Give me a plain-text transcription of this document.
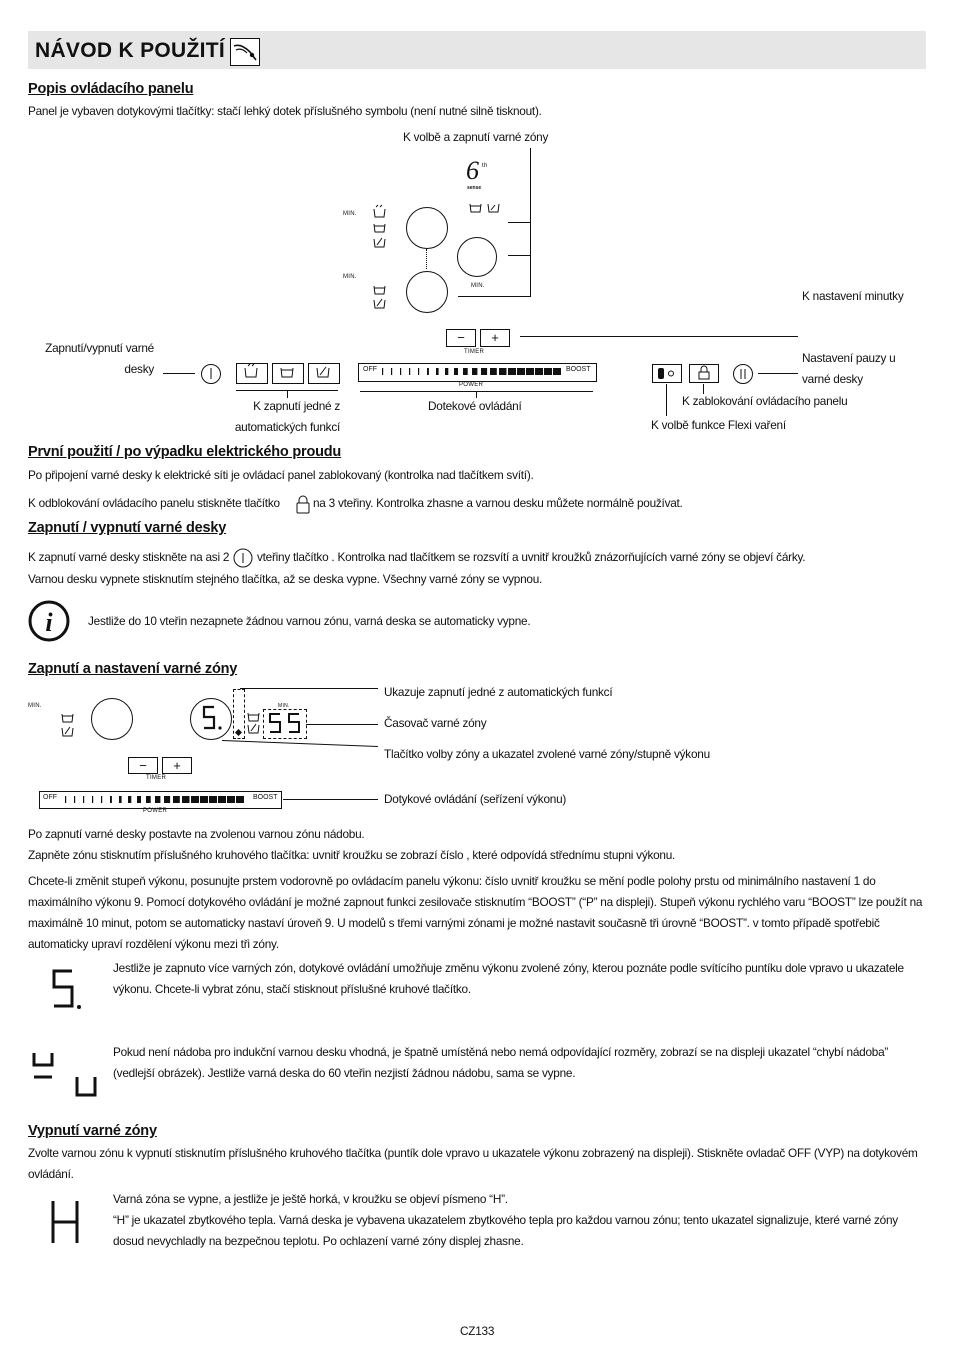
NÁVOD K POUŽITÍ
Popis ovládacího panelu
Panel je vybaven dotykovými tlačítky: stačí lehký dotek příslušného symbolu (není nutné silně tisknout).
K volbě a zapnutí varné zóny
6 th
sense
MIN.
MIN.
MIN.
K nastavení minutky
−	+
TIMER
Zapnutí/vypnutí varné desky
K zapnutí jedné z automatických funkcí
OFF	BOOST
POWER
Dotekové ovládání
Nastavení pauzy u varné desky
K zablokování ovládacího panelu
K volbě funkce Flexi vaření
První použití / po výpadku elektrického proudu
Po připojení varné desky k elektrické síti je ovládací panel zablokovaný (kontrolka nad tlačítkem svítí).
K odblokování ovládacího panelu stiskněte tlačítko	na 3 vteřiny. Kontrolka zhasne a varnou desku můžete normálně používat.
Zapnutí / vypnutí varné desky
K zapnutí varné desky stiskněte na asi 2 vteřiny tlačítko . Kontrolka nad tlačítkem se rozsvítí a uvnitř kroužků znázorňujících varné zóny se objeví čárky.
Varnou desku vypnete stisknutím stejného tlačítka, až se deska vypne. Všechny varné zóny se vypnou.
i	Jestliže do 10 vteřin nezapnete žádnou varnou zónu, varná deska se automaticky vypne.
Zapnutí a nastavení varné zóny
MIN.	MIN.
Ukazuje zapnutí jedné z automatických funkcí
Časovač varné zóny
Tlačítko volby zóny a ukazatel zvolené varné zóny/stupně výkonu
−	+
TIMER
OFF	BOOST
POWER
Dotykové ovládání (seřízení výkonu)
Po zapnutí varné desky postavte na zvolenou varnou zónu nádobu.
Zapněte zónu stisknutím příslušného kruhového tlačítka: uvnitř kroužku se zobrazí číslo , které odpovídá střednímu stupni výkonu.
Chcete-li změnit stupeň výkonu, posunujte prstem vodorovně po ovládacím panelu výkonu: číslo uvnitř kroužku se mění podle polohy prstu od minimálního nastavení 1 do maximálního výkonu 9. Pomocí dotykového ovládání je možné zapnout funkci zesilovače stisknutím “BOOST” (“P” na displeji). Stupeň výkonu rychlého varu “BOOST” lze použít na maximálně 10 minut, potom se automaticky nastaví úroveň 9. U modelů s třemi varnými zónami je možné nastavit současně tři úrovně “BOOST”. v tomto případě spotřebič automaticky upraví rozdělení výkonu mezi tři zóny.
Jestliže je zapnuto více varných zón, dotykové ovládání umožňuje změnu výkonu zvolené zóny, kterou poznáte podle svítícího puntíku dole vpravo u ukazatele výkonu. Chcete-li vybrat zónu, stačí stisknout příslušné kruhové tlačítko.
Pokud není nádoba pro indukční varnou desku vhodná, je špatně umístěná nebo nemá odpovídající rozměry, zobrazí se na displeji ukazatel “chybí nádoba” (vedlejší obrázek). Jestliže varná deska do 60 vteřin nezjistí žádnou nádobu, sama se vypne.
Vypnutí varné zóny
Zvolte varnou zónu k vypnutí stisknutím příslušného kruhového tlačítka (puntík dole vpravo u ukazatele výkonu zobrazený na displeji). Stiskněte ovladač OFF (VYP) na dotykovém ovládání.
Varná zóna se vypne, a jestliže je ještě horká, v kroužku se objeví písmeno “H”.
“H” je ukazatel zbytkového tepla. Varná deska je vybavena ukazatelem zbytkového tepla pro každou varnou zónu; tento ukazatel signalizuje, které varné zóny dosud nevychladly na bezpečnou teplotu. Po ochlazení varné zóny displej zhasne.
CZ133
